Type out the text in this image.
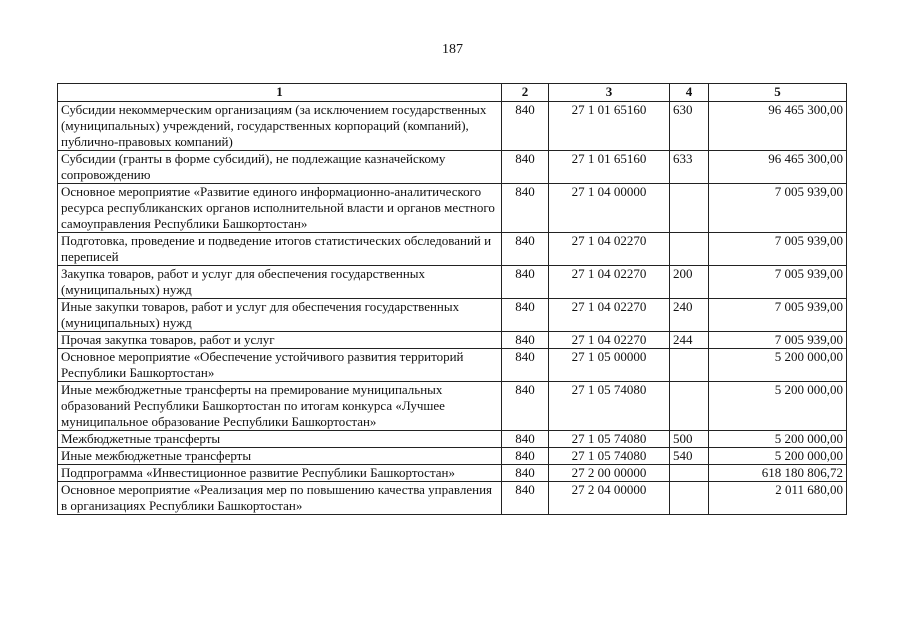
187
1	2	3	4	5
Субсидии некоммерческим организациям (за исключением государственных (муниципальных) учреждений, государственных корпораций (компаний), публично-правовых компаний)	840	27 1 01 65160	630	96 465 300,00
Субсидии (гранты в форме субсидий), не подлежащие казначейскому сопровождению	840	27 1 01 65160	633	96 465 300,00
Основное мероприятие «Развитие единого информационно-аналитического ресурса республиканских органов исполнительной власти и органов местного самоуправления Республики Башкортостан»	840	27 1 04 00000		7 005 939,00
Подготовка, проведение и подведение итогов статистических обследований и переписей	840	27 1 04 02270		7 005 939,00
Закупка товаров, работ и услуг для обеспечения государственных (муниципальных) нужд	840	27 1 04 02270	200	7 005 939,00
Иные закупки товаров, работ и услуг для обеспечения государственных (муниципальных) нужд	840	27 1 04 02270	240	7 005 939,00
Прочая закупка товаров, работ и услуг	840	27 1 04 02270	244	7 005 939,00
Основное мероприятие «Обеспечение устойчивого развития территорий Республики Башкортостан»	840	27 1 05 00000		5 200 000,00
Иные межбюджетные трансферты на премирование муниципальных образований Республики Башкортостан по итогам конкурса «Лучшее муниципальное образование Республики Башкортостан»	840	27 1 05 74080		5 200 000,00
Межбюджетные трансферты	840	27 1 05 74080	500	5 200 000,00
Иные межбюджетные трансферты	840	27 1 05 74080	540	5 200 000,00
Подпрограмма «Инвестиционное развитие Республики Башкортостан»	840	27 2 00 00000		618 180 806,72
Основное мероприятие «Реализация мер по повышению качества управления в организациях Республики Башкортостан»	840	27 2 04 00000		2 011 680,00
